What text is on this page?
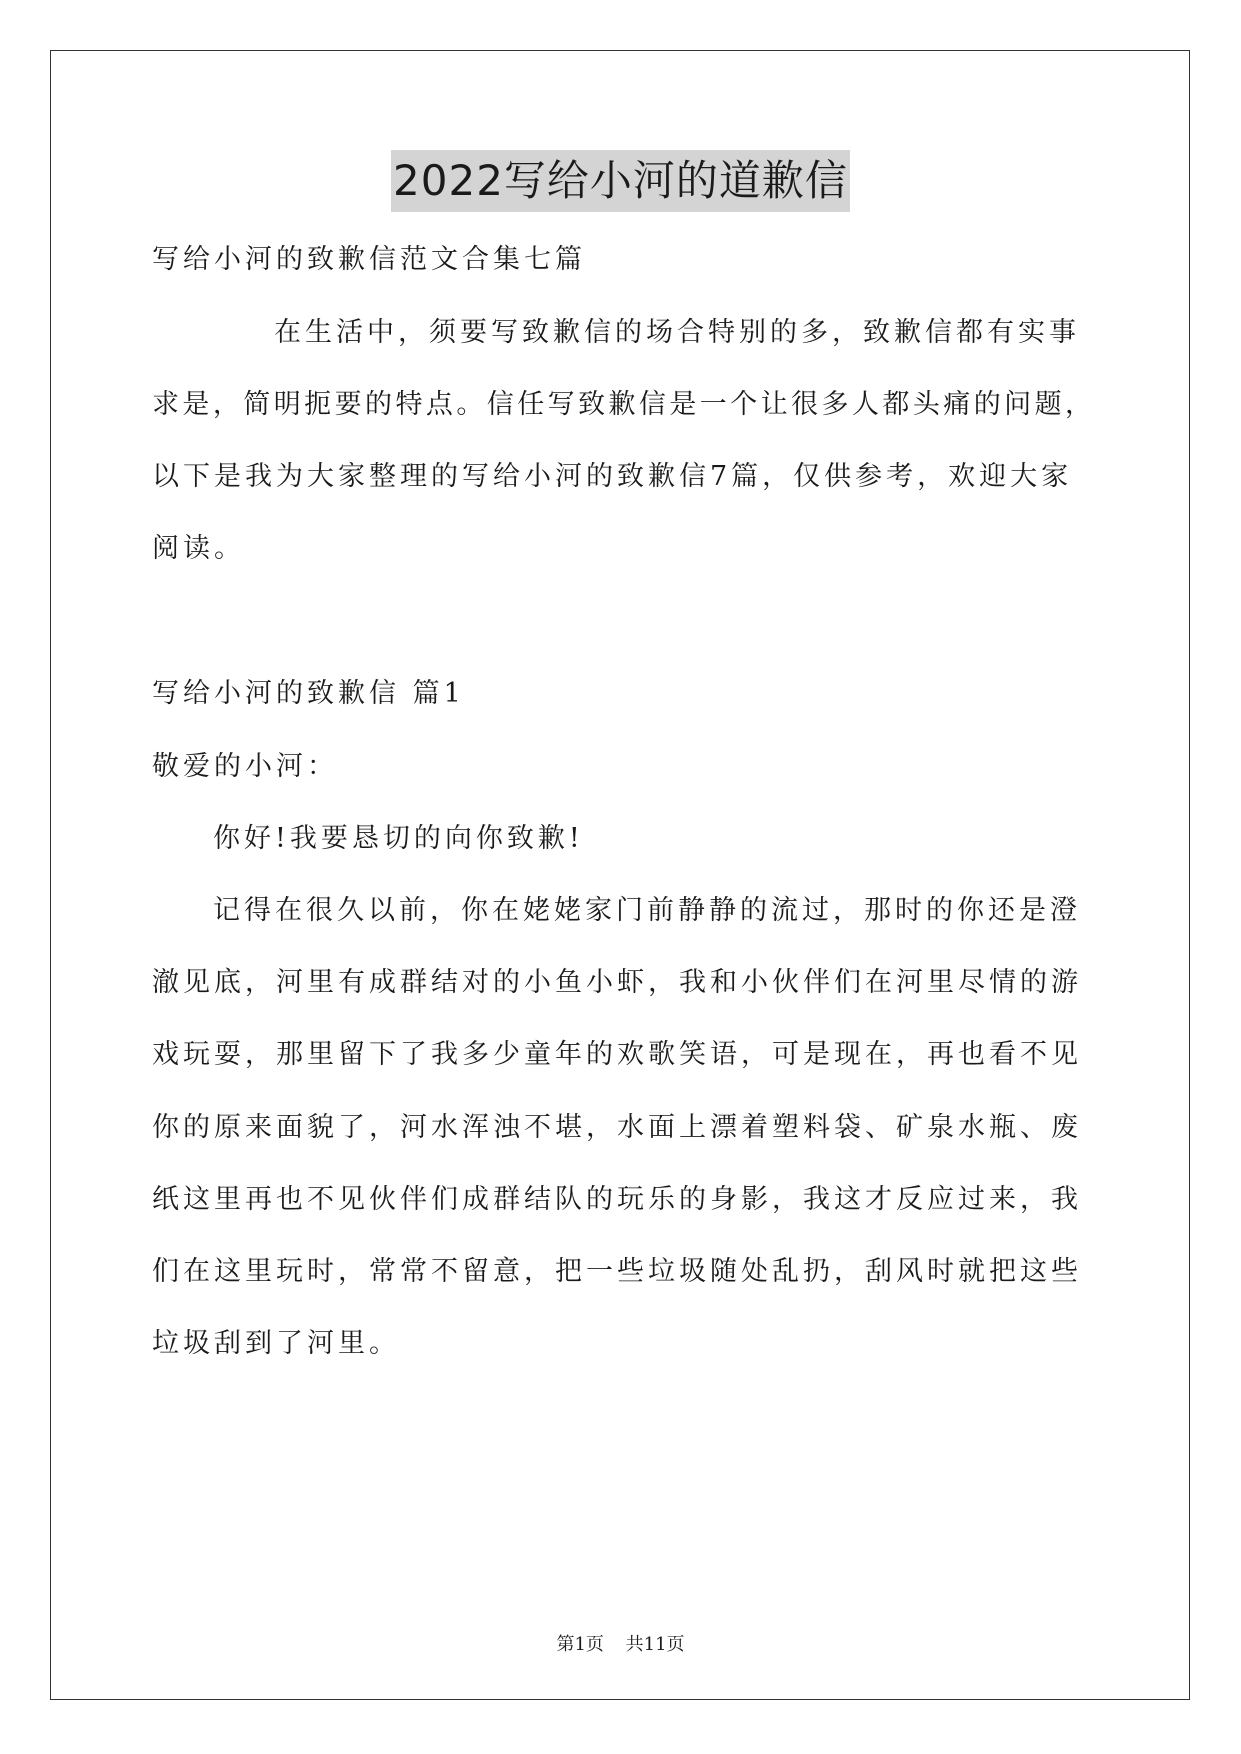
2022写给小河的道歉信
写给小河的致歉信范文合集七篇
在生活中，须要写致歉信的场合特别的多，致歉信都有实事
求是，简明扼要的特点。信任写致歉信是一个让很多人都头痛的问题，
以下是我为大家整理的写给小河的致歉信7篇，仅供参考，欢迎大家
阅读。
写给小河的致歉信 篇1
敬爱的小河：
你好!我要恳切的向你致歉!
记得在很久以前，你在姥姥家门前静静的流过，那时的你还是澄
澈见底，河里有成群结对的小鱼小虾，我和小伙伴们在河里尽情的游
戏玩耍，那里留下了我多少童年的欢歌笑语，可是现在，再也看不见
你的原来面貌了，河水浑浊不堪，水面上漂着塑料袋、矿泉水瓶、废
纸这里再也不见伙伴们成群结队的玩乐的身影，我这才反应过来，我
们在这里玩时，常常不留意，把一些垃圾随处乱扔，刮风时就把这些
垃圾刮到了河里。
第1页 共11页
